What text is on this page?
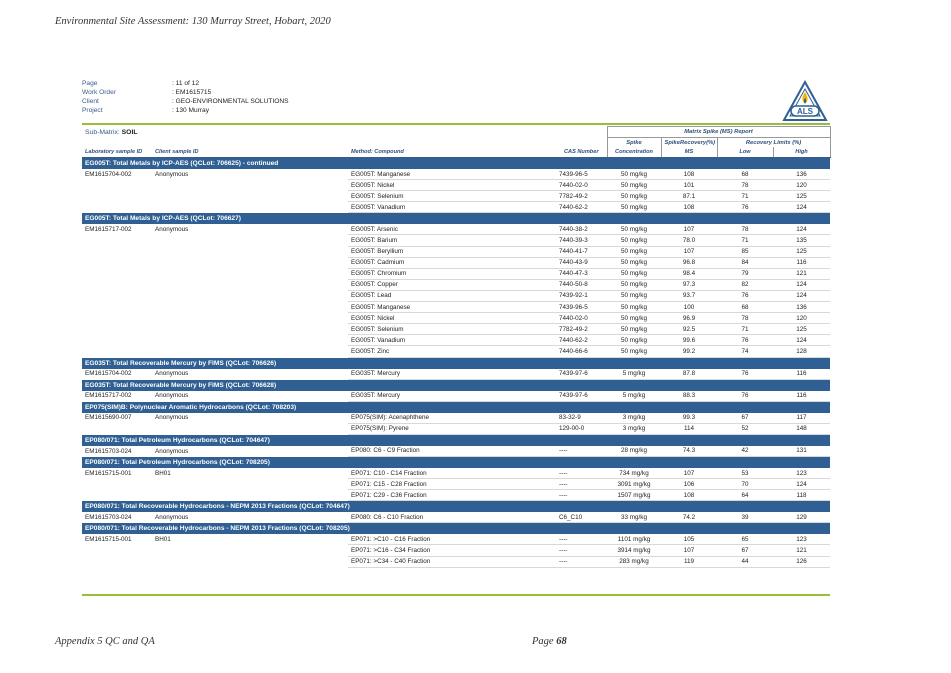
Environmental Site Assessment: 130 Murray Street, Hobart, 2020
Page	: 11 of 12
Work Order	: EM1615715
Client	: GEO-ENVIRONMENTAL SOLUTIONS
Project	: 130 Murray	ALS
Sub-Matrix: SOIL				Matrix Spike (MS) Report			
				Spike	SpikeRecovery(%)	Recovery Limits (%)	
Laboratory sample ID	Client sample ID	Method: Compound	CAS Number	Concentration	MS	Low	High
EG005T: Total Metals by ICP-AES (QCLot: 706625) - continued							
EM1615704-002	Anonymous	EG005T: Manganese	7439-96-5	50 mg/kg	108	68	136
		EG005T: Nickel	7440-02-0	50 mg/kg	101	78	120
		EG005T: Selenium	7782-49-2	50 mg/kg	87.1	71	125
		EG005T: Vanadium	7440-62-2	50 mg/kg	108	76	124
EG005T: Total Metals by ICP-AES (QCLot: 706627)							
EM1615717-002	Anonymous	EG005T: Arsenic	7440-38-2	50 mg/kg	107	78	124
		EG005T: Barium	7440-39-3	50 mg/kg	78.0	71	135
		EG005T: Beryllium	7440-41-7	50 mg/kg	107	85	125
		EG005T: Cadmium	7440-43-9	50 mg/kg	96.8	84	116
		EG005T: Chromium	7440-47-3	50 mg/kg	98.4	79	121
		EG005T: Copper	7440-50-8	50 mg/kg	97.3	82	124
		EG005T: Lead	7439-92-1	50 mg/kg	93.7	76	124
		EG005T: Manganese	7439-96-5	50 mg/kg	100	68	136
		EG005T: Nickel	7440-02-0	50 mg/kg	96.9	78	120
		EG005T: Selenium	7782-49-2	50 mg/kg	92.5	71	125
		EG005T: Vanadium	7440-62-2	50 mg/kg	99.6	76	124
		EG005T: Zinc	7440-66-6	50 mg/kg	99.2	74	128
EG035T: Total Recoverable Mercury by FIMS (QCLot: 706626)							
EM1615704-002	Anonymous	EG035T: Mercury	7439-97-6	5 mg/kg	87.8	76	116
EG035T: Total Recoverable Mercury by FIMS (QCLot: 706628)							
EM1615717-002	Anonymous	EG035T: Mercury	7439-97-6	5 mg/kg	88.3	76	116
EP075(SIM)B: Polynuclear Aromatic Hydrocarbons (QCLot: 708203)							
EM1615690-007	Anonymous	EP075(SIM): Acenaphthene	83-32-9	3 mg/kg	99.3	67	117
		EP075(SIM): Pyrene	129-00-0	3 mg/kg	114	52	148
EP080/071: Total Petroleum Hydrocarbons (QCLot: 704647)							
EM1615703-024	Anonymous	EP080: C6 - C9 Fraction	----	28 mg/kg	74.3	42	131
EP080/071: Total Petroleum Hydrocarbons (QCLot: 708205)							
EM1615715-001	BH01	EP071: C10 - C14 Fraction	----	734 mg/kg	107	53	123
		EP071: C15 - C28 Fraction	----	3091 mg/kg	106	70	124
		EP071: C29 - C36 Fraction	----	1507 mg/kg	108	64	118
EP080/071: Total Recoverable Hydrocarbons - NEPM 2013 Fractions (QCLot: 704647)							
EM1615703-024	Anonymous	EP080: C6 - C10 Fraction	C6_C10	33 mg/kg	74.2	39	129
EP080/071: Total Recoverable Hydrocarbons - NEPM 2013 Fractions (QCLot: 708205)							
EM1615715-001	BH01	EP071: >C10 - C16 Fraction	----	1101 mg/kg	105	65	123
		EP071: >C16 - C34 Fraction	----	3914 mg/kg	107	67	121
		EP071: >C34 - C40 Fraction	----	283 mg/kg	119	44	126
Appendix 5 QC and QA	Page 68
